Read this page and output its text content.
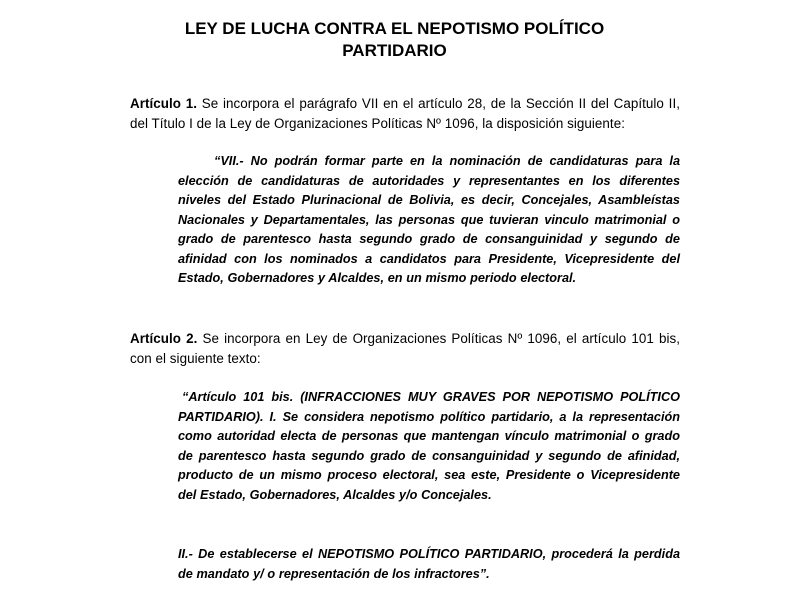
LEY DE LUCHA CONTRA EL NEPOTISMO POLÍTICO
PARTIDARIO

Artículo 1. Se incorpora el parágrafo VII en el artículo 28, de la Sección II del Capítulo II, del Título I de la Ley de Organizaciones Políticas Nº 1096, la disposición siguiente:

“VII.- No podrán formar parte en la nominación de candidaturas para la elección de candidaturas de autoridades y representantes en los diferentes niveles del Estado Plurinacional de Bolivia, es decir, Concejales, Asambleístas Nacionales y Departamentales, las personas que tuvieran vinculo matrimonial o grado de parentesco hasta segundo grado de consanguinidad y segundo de afinidad con los nominados a candidatos para Presidente, Vicepresidente del Estado, Gobernadores y Alcaldes, en un mismo periodo electoral.

Artículo 2. Se incorpora en Ley de Organizaciones Políticas Nº 1096, el artículo 101 bis, con el siguiente texto:

“Artículo 101 bis. (INFRACCIONES MUY GRAVES POR NEPOTISMO POLÍTICO PARTIDARIO). I. Se considera nepotismo político partidario, a la representación como autoridad electa de personas que mantengan vínculo matrimonial o grado de parentesco hasta segundo grado de consanguinidad y segundo de afinidad, producto de un mismo proceso electoral, sea este, Presidente o Vicepresidente del Estado, Gobernadores, Alcaldes y/o Concejales.

II.- De establecerse el NEPOTISMO POLÍTICO PARTIDARIO, procederá la perdida de mandato y/ o representación de los infractores”.
